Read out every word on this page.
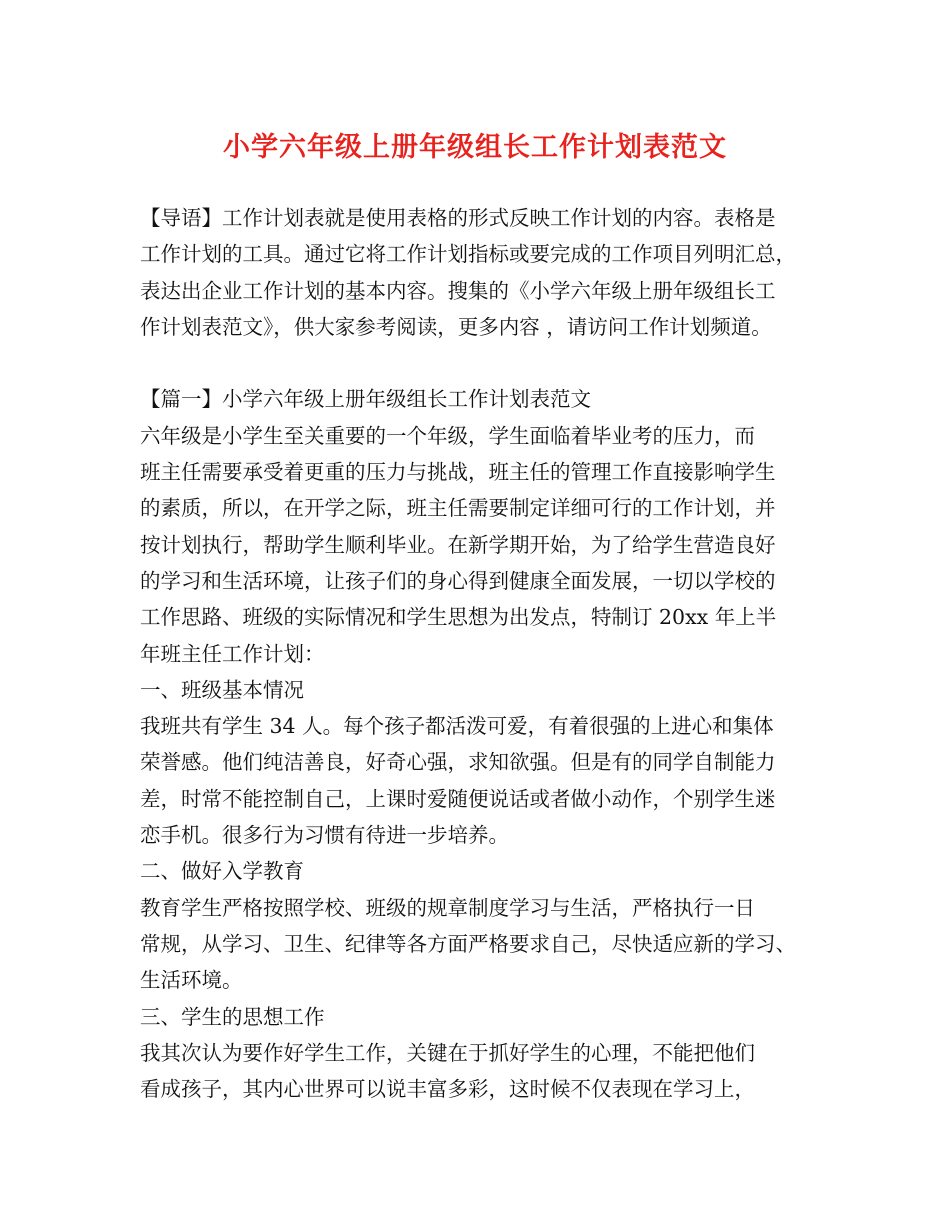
小学六年级上册年级组长工作计划表范文
【导语】工作计划表就是使用表格的形式反映工作计划的内容。表格是
工作计划的工具。通过它将工作计划指标或要完成的工作项目列明汇总，
表达出企业工作计划的基本内容。搜集的《小学六年级上册年级组长工
作计划表范文》，供大家参考阅读，更多内容 ，请访问工作计划频道。
【篇一】小学六年级上册年级组长工作计划表范文
六年级是小学生至关重要的一个年级，学生面临着毕业考的压力，而
班主任需要承受着更重的压力与挑战，班主任的管理工作直接影响学生
的素质，所以，在开学之际，班主任需要制定详细可行的工作计划，并
按计划执行，帮助学生顺利毕业。在新学期开始，为了给学生营造良好
的学习和生活环境，让孩子们的身心得到健康全面发展，一切以学校的
工作思路、班级的实际情况和学生思想为出发点，特制订 20xx 年上半
年班主任工作计划：
一、班级基本情况
我班共有学生 34 人。每个孩子都活泼可爱，有着很强的上进心和集体
荣誉感。他们纯洁善良，好奇心强，求知欲强。但是有的同学自制能力
差，时常不能控制自己，上课时爱随便说话或者做小动作，个别学生迷
恋手机。很多行为习惯有待进一步培养。
二、做好入学教育
教育学生严格按照学校、班级的规章制度学习与生活，严格执行一日
常规，从学习、卫生、纪律等各方面严格要求自己，尽快适应新的学习、
生活环境。
三、学生的思想工作
我其次认为要作好学生工作，关键在于抓好学生的心理，不能把他们
看成孩子，其内心世界可以说丰富多彩，这时候不仅表现在学习上，
